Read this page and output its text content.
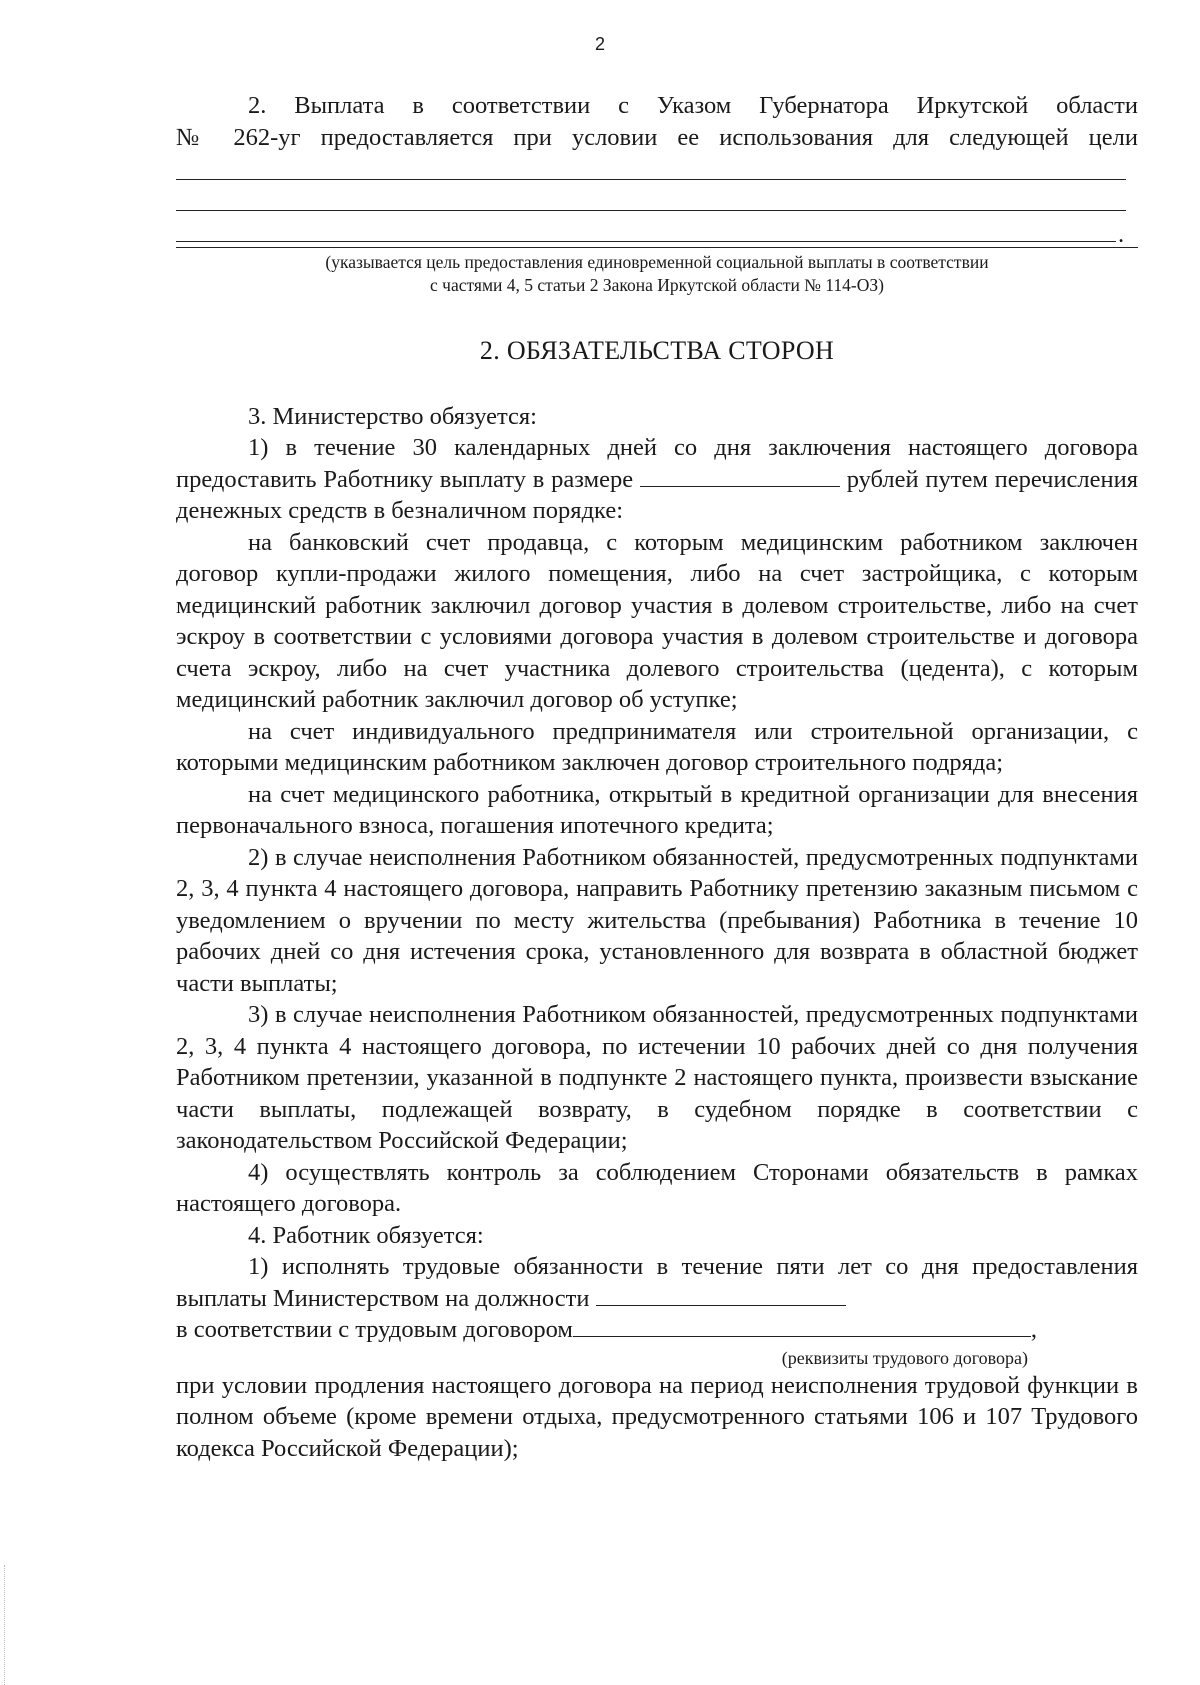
2

2. Выплата в соответствии с Указом Губернатора Иркутской области

№ 262-уг предоставляется при условии ее использования для следующей цели

.
(указывается цель предоставления единовременной социальной выплаты в соответствии
с частями 4, 5 статьи 2 Закона Иркутской области № 114-ОЗ)
2. ОБЯЗАТЕЛЬСТВА СТОРОН

3. Министерство обязуется:

1) в течение 30 календарных дней со дня заключения настоящего договора предоставить Работнику выплату в размере	рублей путем перечисления денежных средств в безналичном порядке:

на банковский счет продавца, с которым медицинским работником заключен договор купли-продажи жилого помещения, либо на счет застройщика, с которым медицинский работник заключил договор участия в долевом строительстве, либо на счет эскроу в соответствии с условиями договора участия в долевом строительстве и договора счета эскроу, либо на счет участника долевого строительства (цедента), с которым медицинский работник заключил договор об уступке;

на счет индивидуального предпринимателя или строительной организации, с которыми медицинским работником заключен договор строительного подряда;

на счет медицинского работника, открытый в кредитной организации для внесения первоначального взноса, погашения ипотечного кредита;

2) в случае неисполнения Работником обязанностей, предусмотренных подпунктами 2, 3, 4 пункта 4 настоящего договора, направить Работнику претензию заказным письмом с уведомлением о вручении по месту жительства (пребывания) Работника в течение 10 рабочих дней со дня истечения срока, установленного для возврата в областной бюджет части выплаты;

3) в случае неисполнения Работником обязанностей, предусмотренных подпунктами 2, 3, 4 пункта 4 настоящего договора, по истечении 10 рабочих дней со дня получения Работником претензии, указанной в подпункте 2 настоящего пункта, произвести взыскание части выплаты, подлежащей возврату, в судебном порядке в соответствии с законодательством Российской Федерации;

4) осуществлять контроль за соблюдением Сторонами обязательств в рамках настоящего договора.

4. Работник обязуется:

1) исполнять трудовые обязанности в течение пяти лет со дня предоставления выплаты Министерством на должности

в соответствии с трудовым договором	,

(реквизиты трудового договора)

при условии продления настоящего договора на период неисполнения трудовой функции в полном объеме (кроме времени отдыха, предусмотренного статьями 106 и 107 Трудового кодекса Российской Федерации);
